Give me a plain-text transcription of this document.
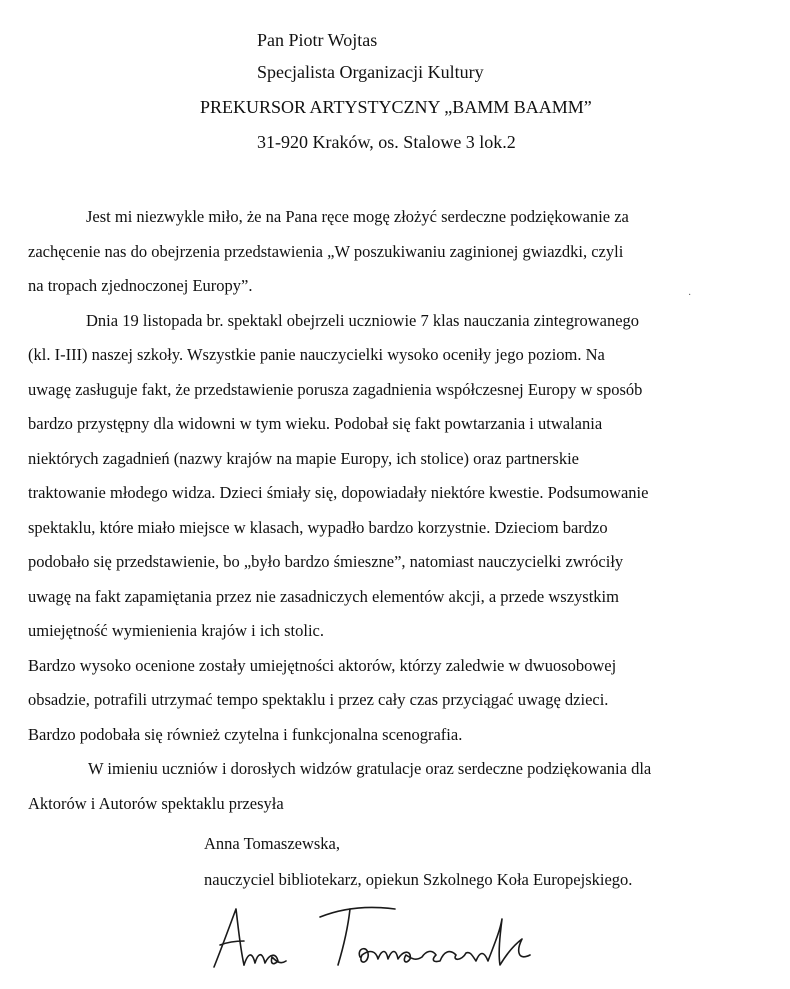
Pan Piotr Wojtas
Specjalista Organizacji Kultury
PREKURSOR ARTYSTYCZNY „BAMM BAAMM”
31-920 Kraków, os. Stalowe 3 lok.2
Jest mi niezwykle miło, że na Pana ręce mogę złożyć serdeczne podziękowanie za
zachęcenie nas do obejrzenia przedstawienia „W poszukiwaniu zaginionej gwiazdki, czyli
na tropach zjednoczonej Europy”.
Dnia 19 listopada br. spektakl obejrzeli uczniowie 7 klas nauczania zintegrowanego
(kl. I-III) naszej szkoły. Wszystkie panie nauczycielki wysoko oceniły jego poziom. Na
uwagę zasługuje fakt, że przedstawienie porusza zagadnienia współczesnej Europy w sposób
bardzo przystępny dla widowni w tym wieku. Podobał się fakt powtarzania i utwalania
niektórych zagadnień (nazwy krajów na mapie Europy, ich stolice) oraz partnerskie
traktowanie młodego widza. Dzieci śmiały się, dopowiadały niektóre kwestie. Podsumowanie
spektaklu, które miało miejsce w klasach, wypadło bardzo korzystnie. Dzieciom bardzo
podobało się przedstawienie, bo „było bardzo śmieszne”, natomiast nauczycielki zwróciły
uwagę na fakt zapamiętania przez nie zasadniczych elementów akcji, a przede wszystkim
umiejętność wymienienia krajów i ich stolic.
Bardzo wysoko ocenione zostały umiejętności aktorów, którzy zaledwie w dwuosobowej
obsadzie, potrafili utrzymać tempo spektaklu i przez cały czas przyciągać uwagę dzieci.
Bardzo podobała się również czytelna i funkcjonalna scenografia.
W imieniu uczniów i dorosłych widzów gratulacje oraz serdeczne podziękowania dla
Aktorów i Autorów spektaklu przesyła
Anna Tomaszewska,
nauczyciel bibliotekarz, opiekun Szkolnego Koła Europejskiego.
·
